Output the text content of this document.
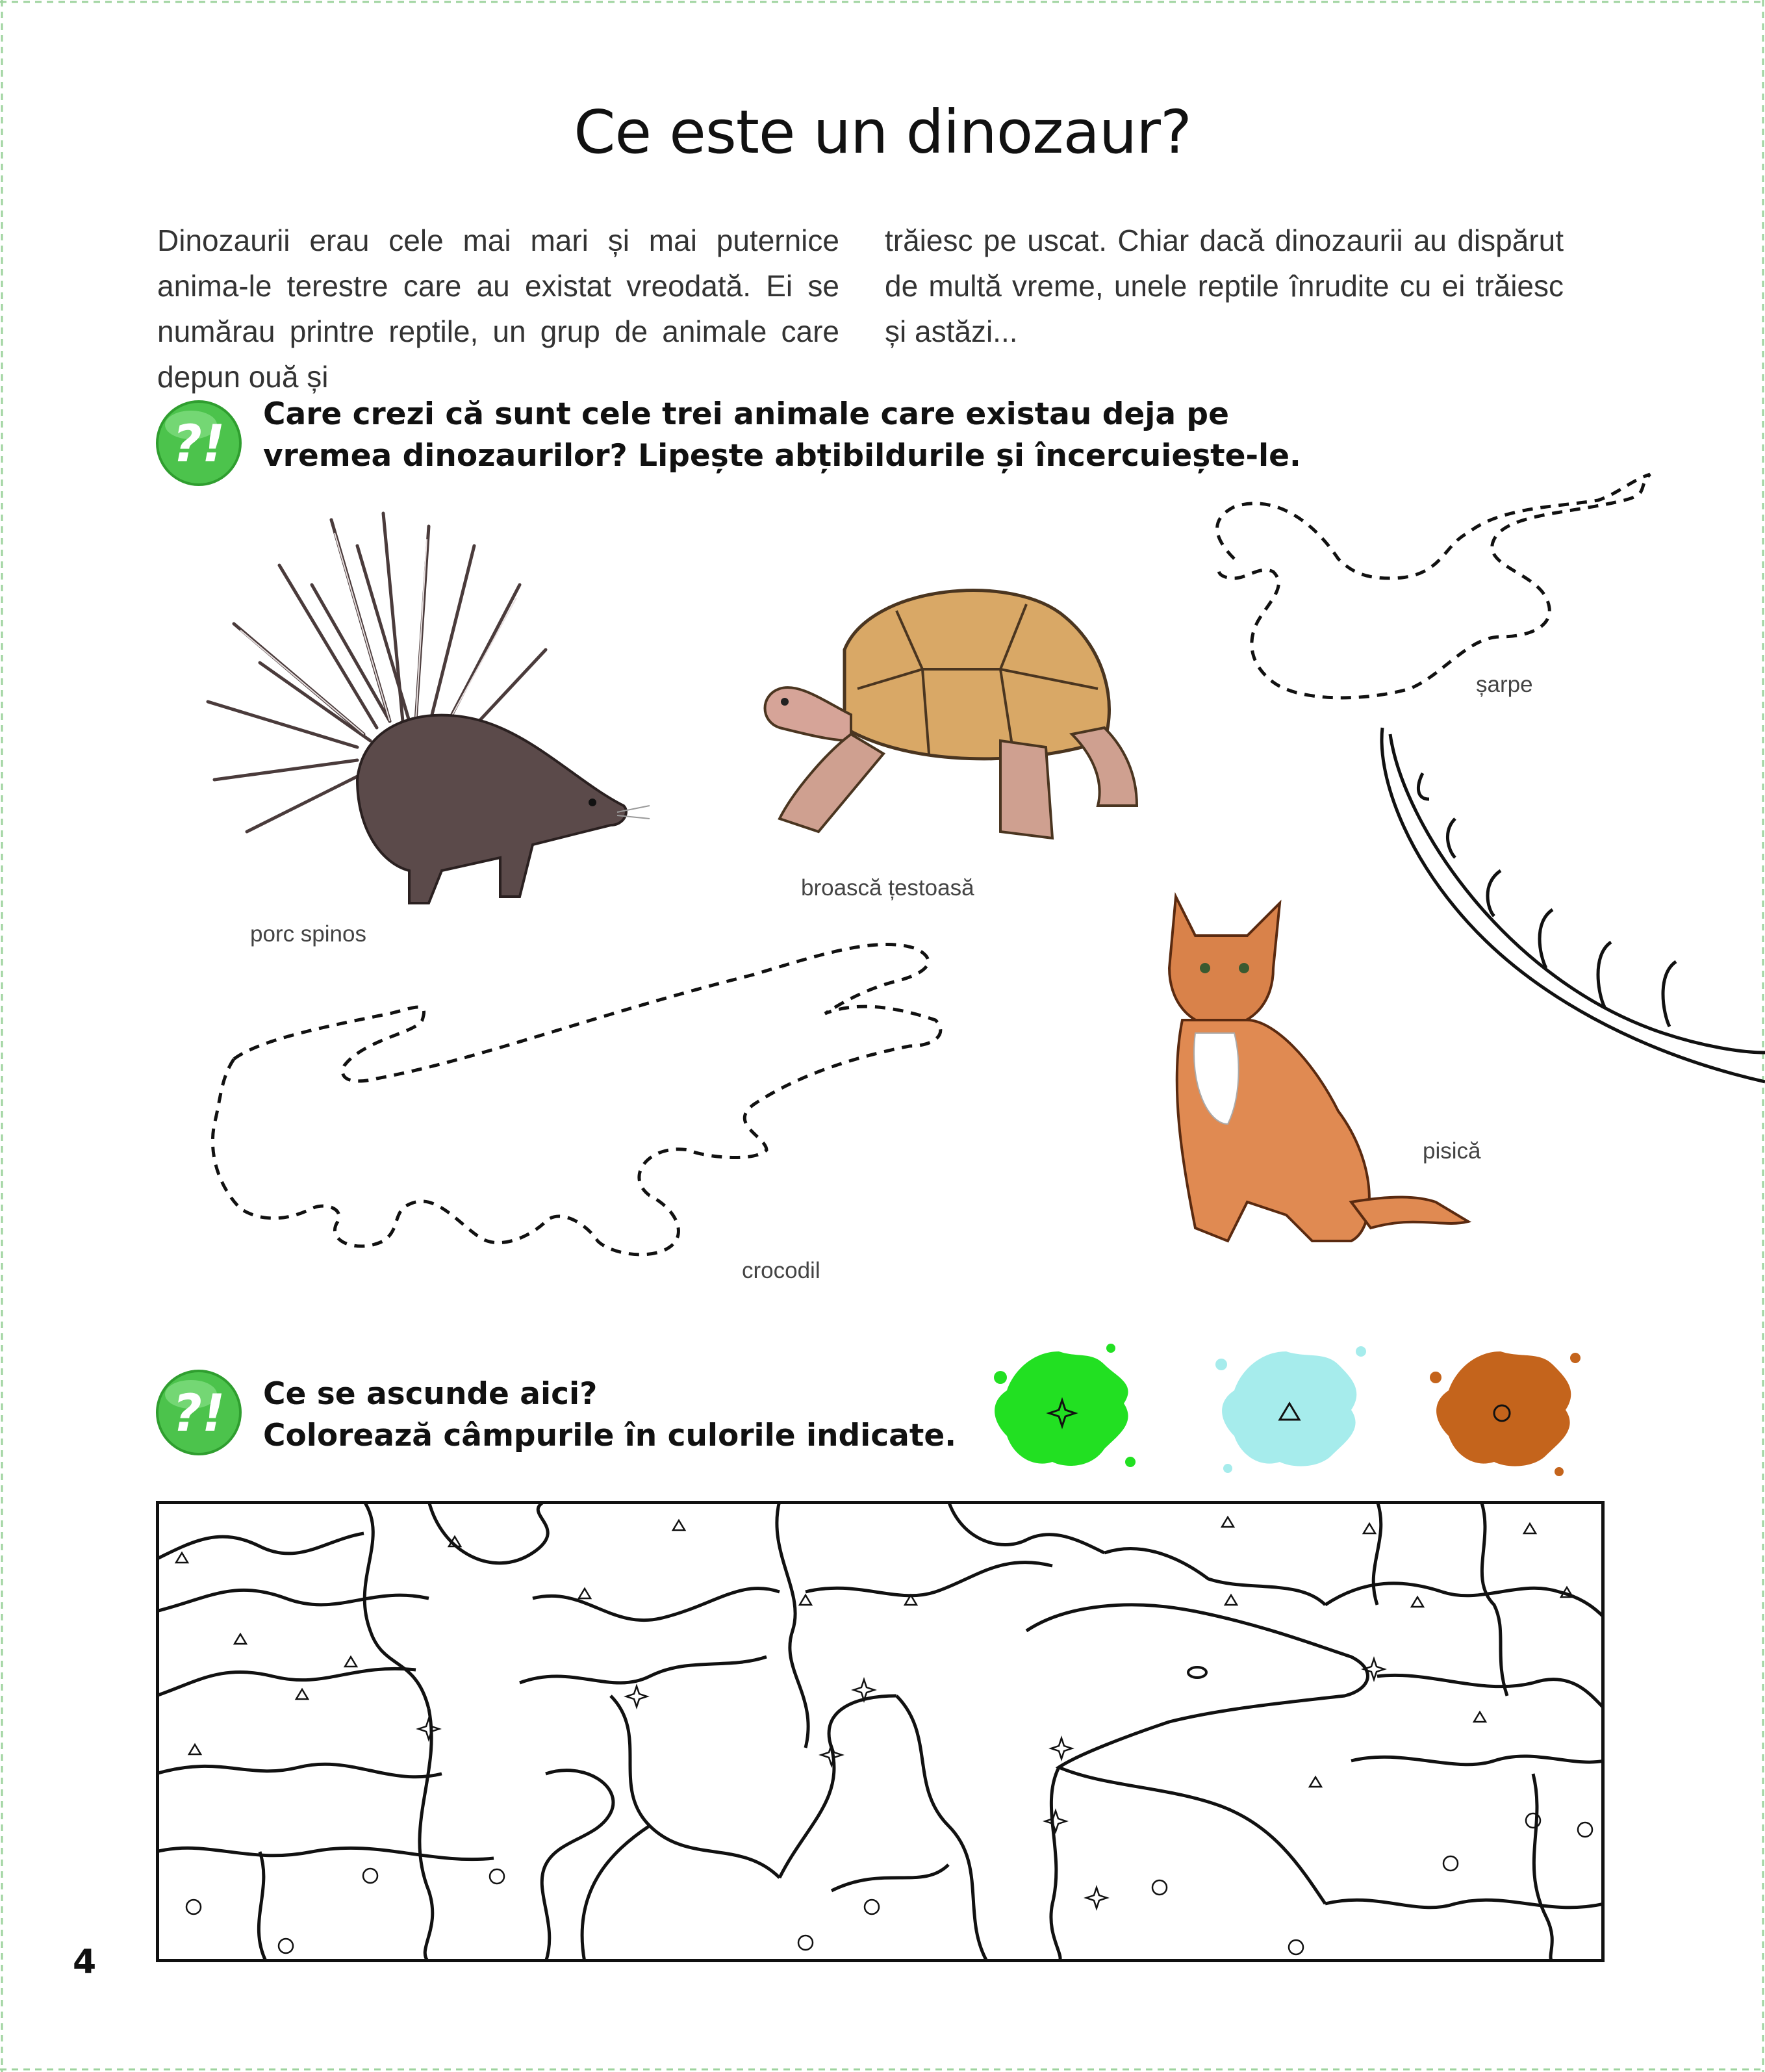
Ce este un dinozaur?
Dinozaurii erau cele mai mari și mai puternice anima-le terestre care au existat vreodată. Ei se numărau printre reptile, un grup de animale care depun ouă și
trăiesc pe uscat. Chiar dacă dinozaurii au dispărut de multă vreme, unele reptile înrudite cu ei trăiesc și astăzi...
?!
Care crezi că sunt cele trei animale care existau deja pe
vremea dinozaurilor? Lipește abțibildurile și încercuiește-le.
porc spinos
broască țestoasă
șarpe
pisică
crocodil
?! Ce se ascunde aici?
Colorează câmpurile în culorile indicate.
4
